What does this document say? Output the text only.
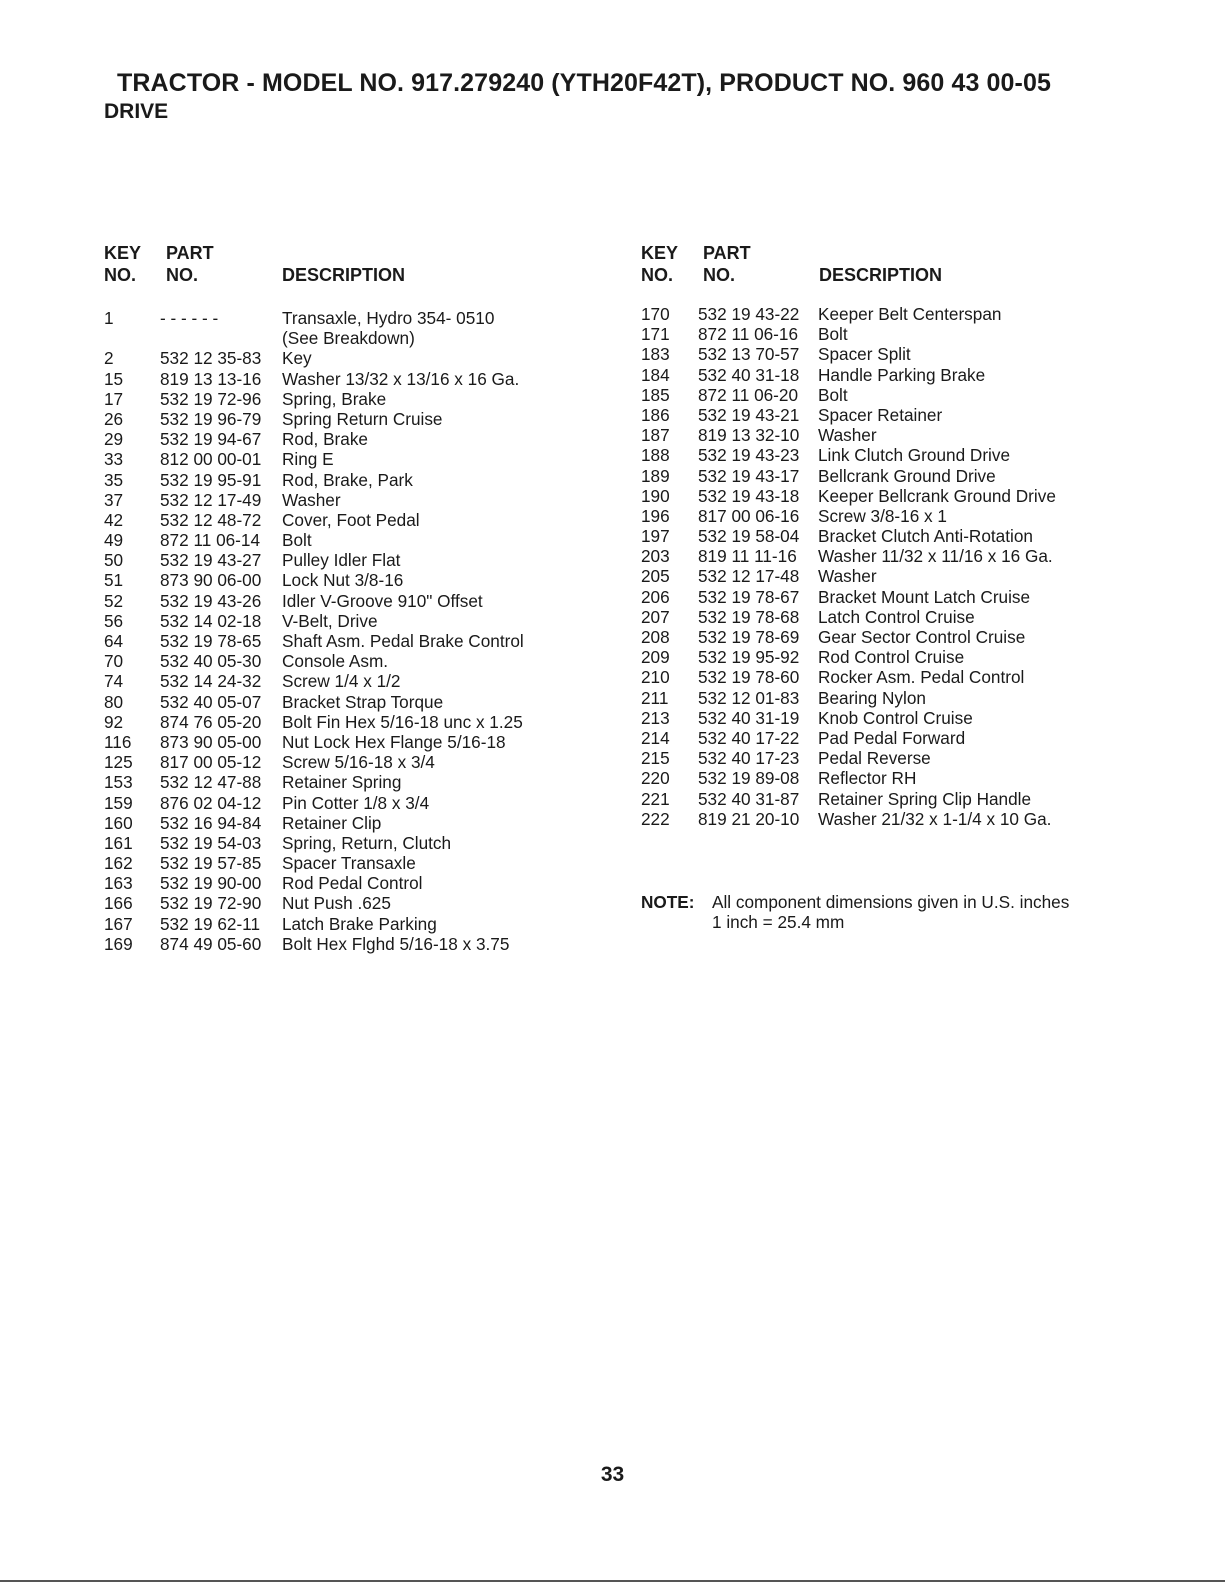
TRACTOR - MODEL NO. 917.279240 (YTH20F42T), PRODUCT NO. 960 43 00-05
DRIVE
KEY
NO.
PART
NO.	DESCRIPTION
1	- - - - - -	Transaxle, Hydro 354- 0510
(See Breakdown)
2	532 12 35-83 Key
15 819 13 13-16 Washer 13/32 x 13/16 x 16 Ga.
17 532 19 72-96 Spring, Brake
26 532 19 96-79 Spring Return Cruise
29 532 19 94-67 Rod, Brake
33 812 00 00-01 Ring E
35 532 19 95-91 Rod, Brake, Park
37 532 12 17-49 Washer
42 532 12 48-72 Cover, Foot Pedal
49 872 11 06-14 Bolt
50 532 19 43-27 Pulley Idler Flat
51 873 90 06-00 Lock Nut 3/8-16
52 532 19 43-26 Idler V-Groove 910" Offset
56 532 14 02-18 V-Belt, Drive
64 532 19 78-65 Shaft Asm. Pedal Brake Control
70 532 40 05-30 Console Asm.
74 532 14 24-32 Screw 1/4 x 1/2
80 532 40 05-07 Bracket Strap Torque
92 874 76 05-20 Bolt Fin Hex 5/16-18 unc x 1.25
116 873 90 05-00 Nut Lock Hex Flange 5/16-18
125 817 00 05-12 Screw 5/16-18 x 3/4
153 532 12 47-88 Retainer Spring
159 876 02 04-12 Pin Cotter 1/8 x 3/4
160 532 16 94-84 Retainer Clip
161 532 19 54-03 Spring, Return, Clutch
162 532 19 57-85 Spacer Transaxle
163 532 19 90-00 Rod Pedal Control
166 532 19 72-90 Nut Push .625
167 532 19 62-11 Latch Brake Parking
169 874 49 05-60 Bolt Hex Flghd 5/16-18 x 3.75
KEY
NO.
PART
NO.	DESCRIPTION
170 532 19 43-22 Keeper Belt Centerspan
171 872 11 06-16 Bolt
183 532 13 70-57 Spacer Split
184 532 40 31-18 Handle Parking Brake
185 872 11 06-20 Bolt
186 532 19 43-21 Spacer Retainer
187 819 13 32-10 Washer
188 532 19 43-23 Link Clutch Ground Drive
189 532 19 43-17 Bellcrank Ground Drive
190 532 19 43-18 Keeper Bellcrank Ground Drive
196 817 00 06-16 Screw 3/8-16 x 1
197 532 19 58-04 Bracket Clutch Anti-Rotation
203 819 11 11-16 Washer 11/32 x 11/16 x 16 Ga.
205 532 12 17-48 Washer
206 532 19 78-67 Bracket Mount Latch Cruise
207 532 19 78-68 Latch Control Cruise
208 532 19 78-69 Gear Sector Control Cruise
209 532 19 95-92 Rod Control Cruise
210 532 19 78-60 Rocker Asm. Pedal Control
211 532 12 01-83 Bearing Nylon
213 532 40 31-19 Knob Control Cruise
214 532 40 17-22 Pad Pedal Forward
215 532 40 17-23 Pedal Reverse
220 532 19 89-08 Reflector RH
221 532 40 31-87 Retainer Spring Clip Handle
222 819 21 20-10 Washer 21/32 x 1-1/4 x 10 Ga.
NOTE: All component dimensions given in U.S. inches
1 inch = 25.4 mm
33
